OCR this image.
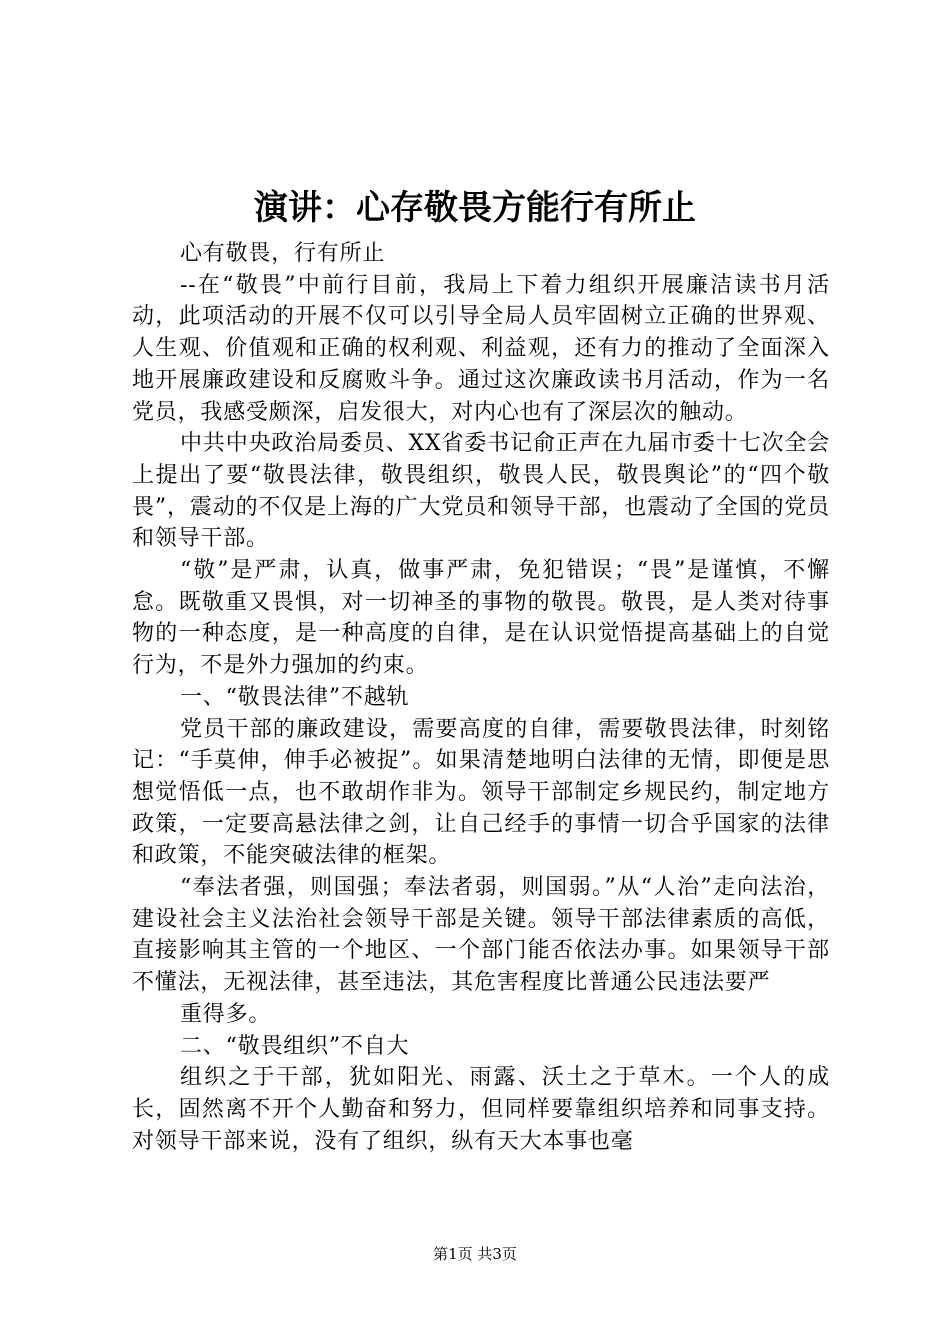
演讲：心存敬畏方能行有所止

心有敬畏，行有所止

--在“敬畏”中前行目前，我局上下着力组织开展廉洁读书月活动，此项活动的开展不仅可以引导全局人员牢固树立正确的世界观、人生观、价值观和正确的权利观、利益观，还有力的推动了全面深入地开展廉政建设和反腐败斗争。通过这次廉政读书月活动，作为一名党员，我感受颇深，启发很大，对内心也有了深层次的触动。

中共中央政治局委员、XX省委书记俞正声在九届市委十七次全会上提出了要“敬畏法律，敬畏组织，敬畏人民，敬畏舆论”的“四个敬畏”，震动的不仅是上海的广大党员和领导干部，也震动了全国的党员和领导干部。

“敬”是严肃，认真，做事严肃，免犯错误；“畏”是谨慎，不懈怠。既敬重又畏惧，对一切神圣的事物的敬畏。敬畏，是人类对待事物的一种态度，是一种高度的自律，是在认识觉悟提高基础上的自觉行为，不是外力强加的约束。

一、“敬畏法律”不越轨

党员干部的廉政建设，需要高度的自律，需要敬畏法律，时刻铭记：“手莫伸，伸手必被捉”。如果清楚地明白法律的无情，即便是思想觉悟低一点，也不敢胡作非为。领导干部制定乡规民约，制定地方政策，一定要高悬法律之剑，让自己经手的事情一切合乎国家的法律和政策，不能突破法律的框架。

“奉法者强，则国强；奉法者弱，则国弱。”从“人治”走向法治，建设社会主义法治社会领导干部是关键。领导干部法律素质的高低，直接影响其主管的一个地区、一个部门能否依法办事。如果领导干部不懂法，无视法律，甚至违法，其危害程度比普通公民违法要严

重得多。

二、“敬畏组织”不自大

组织之于干部，犹如阳光、雨露、沃土之于草木。一个人的成长，固然离不开个人勤奋和努力，但同样要靠组织培养和同事支持。对领导干部来说，没有了组织，纵有天大本事也毫

第1页 共3页
